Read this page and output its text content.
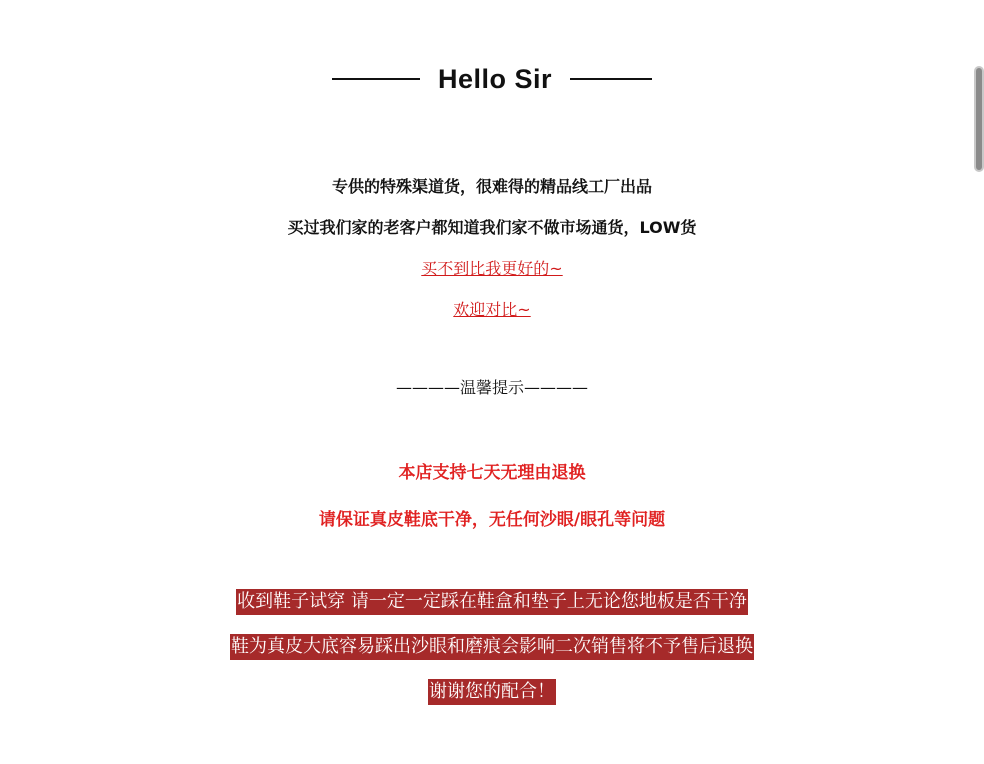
Hello Sir
专供的特殊渠道货，很难得的精品线工厂出品
买过我们家的老客户都知道我们家不做市场通货，LOW货
买不到比我更好的~
欢迎对比~
————温馨提示————
本店支持七天无理由退换
请保证真皮鞋底干净，无任何沙眼/眼孔等问题
收到鞋子试穿 请一定一定踩在鞋盒和垫子上无论您地板是否干净
鞋为真皮大底容易踩出沙眼和磨痕会影响二次销售将不予售后退换
谢谢您的配合！
